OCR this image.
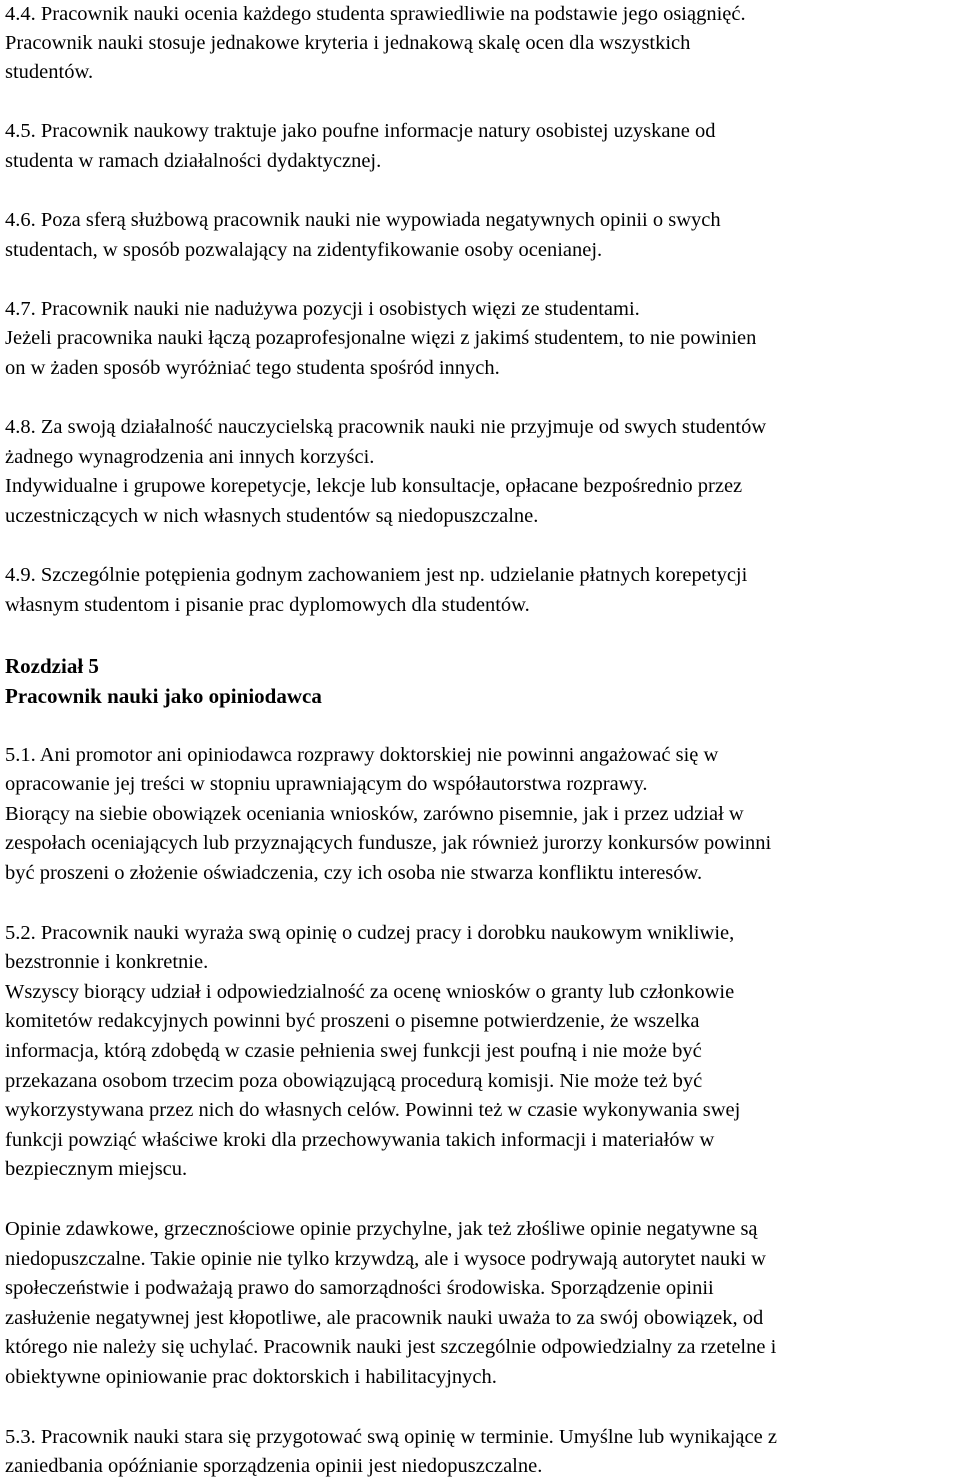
4.4. Pracownik nauki ocenia każdego studenta sprawiedliwie na podstawie jego osiągnięć.
Pracownik nauki stosuje jednakowe kryteria i jednakową skalę ocen dla wszystkich
studentów.
4.5. Pracownik naukowy traktuje jako poufne informacje natury osobistej uzyskane od
studenta w ramach działalności dydaktycznej.
4.6. Poza sferą służbową pracownik nauki nie wypowiada negatywnych opinii o swych
studentach, w sposób pozwalający na zidentyfikowanie osoby ocenianej.
4.7. Pracownik nauki nie nadużywa pozycji i osobistych więzi ze studentami.
Jeżeli pracownika nauki łączą pozaprofesjonalne więzi z jakimś studentem, to nie powinien
on w żaden sposób wyróżniać tego studenta spośród innych.
4.8. Za swoją działalność nauczycielską pracownik nauki nie przyjmuje od swych studentów
żadnego wynagrodzenia ani innych korzyści.
Indywidualne i grupowe korepetycje, lekcje lub konsultacje, opłacane bezpośrednio przez
uczestniczących w nich własnych studentów są niedopuszczalne.
4.9. Szczególnie potępienia godnym zachowaniem jest np. udzielanie płatnych korepetycji
własnym studentom i pisanie prac dyplomowych dla studentów.
Rozdział 5
Pracownik nauki jako opiniodawca
5.1. Ani promotor ani opiniodawca rozprawy doktorskiej nie powinni angażować się w
opracowanie jej treści w stopniu uprawniającym do współautorstwa rozprawy.
Biorący na siebie obowiązek oceniania wniosków, zarówno pisemnie, jak i przez udział w
zespołach oceniających lub przyznających fundusze, jak również jurorzy konkursów powinni
być proszeni o złożenie oświadczenia, czy ich osoba nie stwarza konfliktu interesów.
5.2. Pracownik nauki wyraża swą opinię o cudzej pracy i dorobku naukowym wnikliwie,
bezstronnie i konkretnie.
Wszyscy biorący udział i odpowiedzialność za ocenę wniosków o granty lub członkowie
komitetów redakcyjnych powinni być proszeni o pisemne potwierdzenie, że wszelka
informacja, którą zdobędą w czasie pełnienia swej funkcji jest poufną i nie może być
przekazana osobom trzecim poza obowiązującą procedurą komisji. Nie może też być
wykorzystywana przez nich do własnych celów. Powinni też w czasie wykonywania swej
funkcji powziąć właściwe kroki dla przechowywania takich informacji i materiałów w
bezpiecznym miejscu.
Opinie zdawkowe, grzecznościowe opinie przychylne, jak też złośliwe opinie negatywne są
niedopuszczalne. Takie opinie nie tylko krzywdzą, ale i wysoce podrywają autorytet nauki w
społeczeństwie i podważają prawo do samorządności środowiska. Sporządzenie opinii
zasłużenie negatywnej jest kłopotliwe, ale pracownik nauki uważa to za swój obowiązek, od
którego nie należy się uchylać. Pracownik nauki jest szczególnie odpowiedzialny za rzetelne i
obiektywne opiniowanie prac doktorskich i habilitacyjnych.
5.3. Pracownik nauki stara się przygotować swą opinię w terminie. Umyślne lub wynikające z
zaniedbania opóźnianie sporządzenia opinii jest niedopuszczalne.
